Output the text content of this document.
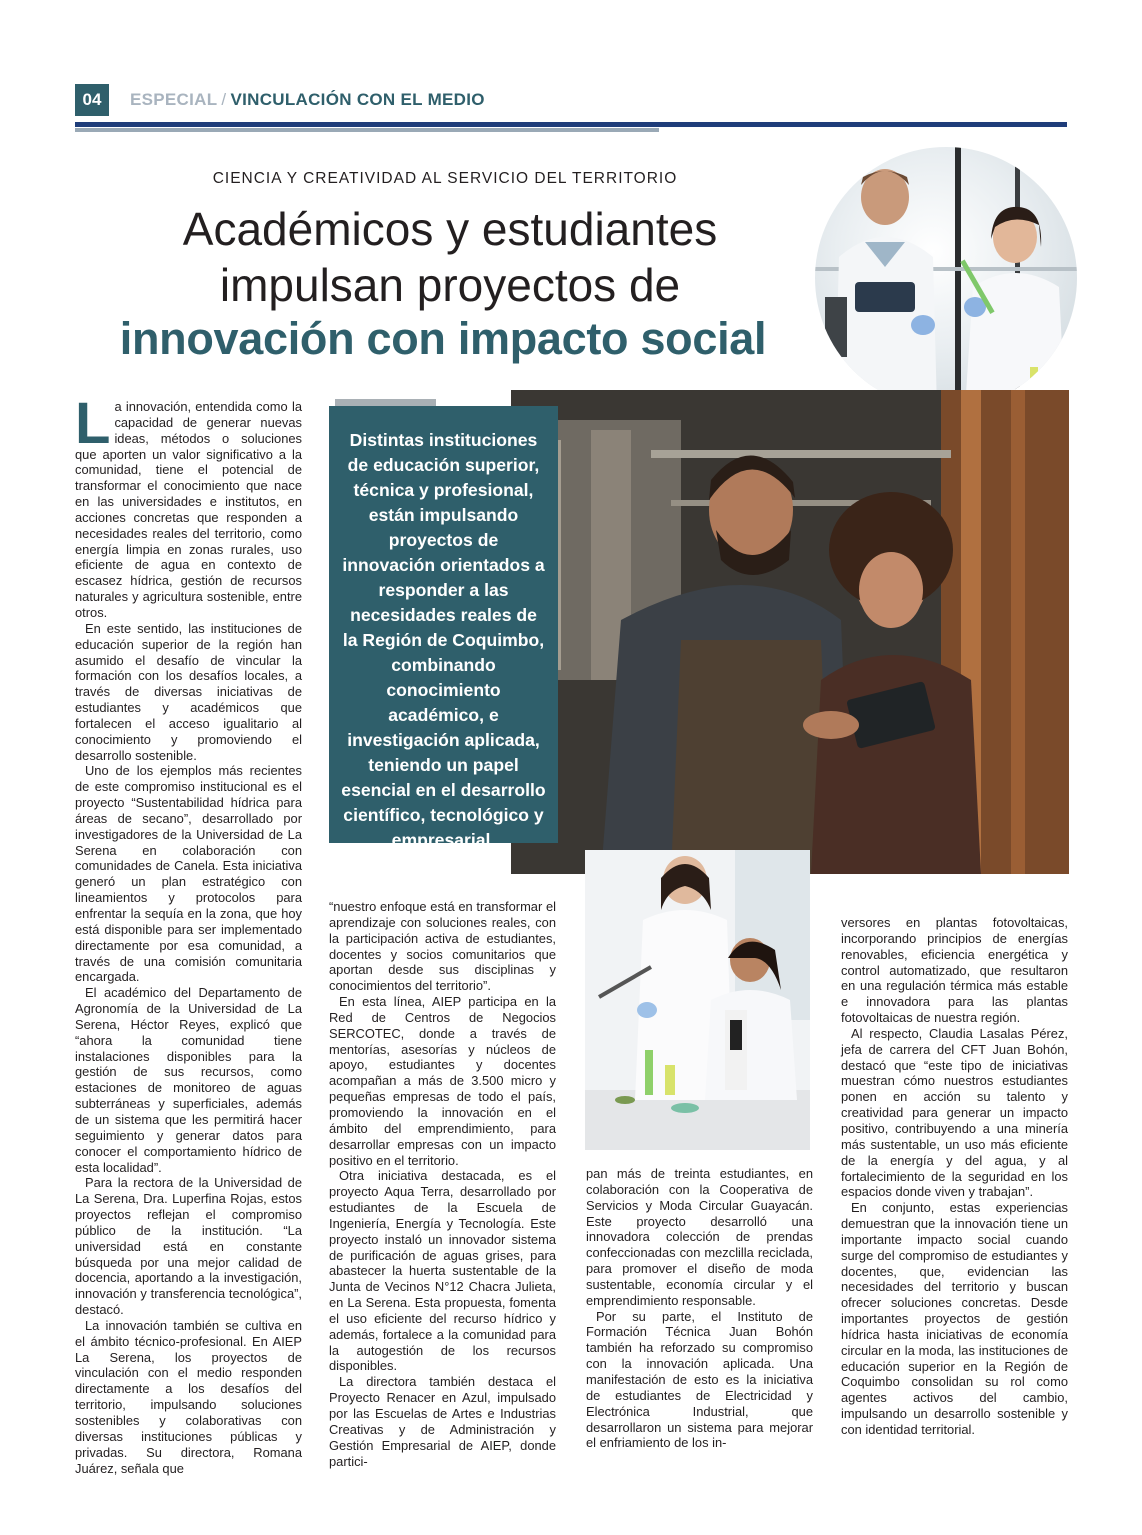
04	ESPECIAL / VINCULACIÓN CON EL MEDIO
CIENCIA Y CREATIVIDAD AL SERVICIO DEL TERRITORIO
Académicos y estudiantes
impulsan proyectos de
innovación con impacto social

Distintas instituciones de educación superior, técnica y profesional, están impulsando proyectos de innovación orientados a responder a las necesidades reales de la Región de Coquimbo, combinando conocimiento académico, e investigación aplicada, teniendo un papel esencial en el desarrollo científico, tecnológico y empresarial.

La innovación, entendida como la capacidad de generar nuevas ideas, métodos o soluciones que aporten un valor significativo a la comunidad, tiene el potencial de transformar el conocimiento que nace en las universidades e institutos, en acciones concretas que responden a necesidades reales del territorio, como energía limpia en zonas rurales, uso eficiente de agua en contexto de escasez hídrica, gestión de recursos naturales y agricultura sostenible, entre otros.

En este sentido, las instituciones de educación superior de la región han asumido el desafío de vincular la formación con los desafíos locales, a través de diversas iniciativas de estudiantes y académicos que fortalecen el acceso igualitario al conocimiento y promoviendo el desarrollo sostenible.

Uno de los ejemplos más recientes de este compromiso institucional es el proyecto “Sustentabilidad hídrica para áreas de secano”, desarrollado por investigadores de la Universidad de La Serena en colaboración con comunidades de Canela. Esta iniciativa generó un plan estratégico con lineamientos y protocolos para enfrentar la sequía en la zona, que hoy está disponible para ser implementado directamente por esa comunidad, a través de una comisión comunitaria encargada.

El académico del Departamento de Agronomía de la Universidad de La Serena, Héctor Reyes, explicó que “ahora la comunidad tiene instalaciones disponibles para la gestión de sus recursos, como estaciones de monitoreo de aguas subterráneas y superficiales, además de un sistema que les permitirá hacer seguimiento y generar datos para conocer el comportamiento hídrico de esta localidad”.

Para la rectora de la Universidad de La Serena, Dra. Luperfina Rojas, estos proyectos reflejan el compromiso público de la institución. “La universidad está en constante búsqueda por una mejor calidad de docencia, aportando a la investigación, innovación y transferencia tecnológica”, destacó.

La innovación también se cultiva en el ámbito técnico-profesional. En AIEP La Serena, los proyectos de vinculación con el medio responden directamente a los desafíos del territorio, impulsando soluciones sostenibles y colaborativas con diversas instituciones públicas y privadas. Su directora, Romana Juárez, señala que

“nuestro enfoque está en transformar el aprendizaje con soluciones reales, con la participación activa de estudiantes, docentes y socios comunitarios que aportan desde sus disciplinas y conocimientos del territorio”.

En esta línea, AIEP participa en la Red de Centros de Negocios SERCOTEC, donde a través de mentorías, asesorías y núcleos de apoyo, estudiantes y docentes acompañan a más de 3.500 micro y pequeñas empresas de todo el país, promoviendo la innovación en el ámbito del emprendimiento, para desarrollar empresas con un impacto positivo en el territorio.

Otra iniciativa destacada, es el proyecto Aqua Terra, desarrollado por estudiantes de la Escuela de Ingeniería, Energía y Tecnología. Este proyecto instaló un innovador sistema de purificación de aguas grises, para abastecer la huerta sustentable de la Junta de Vecinos N°12 Chacra Julieta, en La Serena. Esta propuesta, fomenta el uso eficiente del recurso hídrico y además, fortalece a la comunidad para la autogestión de los recursos disponibles.

La directora también destaca el Proyecto Renacer en Azul, impulsado por las Escuelas de Artes e Industrias Creativas y de Administración y Gestión Empresarial de AIEP, donde partici-

pan más de treinta estudiantes, en colaboración con la Cooperativa de Servicios y Moda Circular Guayacán. Este proyecto desarrolló una innovadora colección de prendas confeccionadas con mezclilla reciclada, para promover el diseño de moda sustentable, economía circular y el emprendimiento responsable.

Por su parte, el Instituto de Formación Técnica Juan Bohón también ha reforzado su compromiso con la innovación aplicada. Una manifestación de esto es la iniciativa de estudiantes de Electricidad y Electrónica Industrial, que desarrollaron un sistema para mejorar el enfriamiento de los in-

versores en plantas fotovoltaicas, incorporando principios de energías renovables, eficiencia energética y control automatizado, que resultaron en una regulación térmica más estable e innovadora para las plantas fotovoltaicas de nuestra región.

Al respecto, Claudia Lasalas Pérez, jefa de carrera del CFT Juan Bohón, destacó que “este tipo de iniciativas muestran cómo nuestros estudiantes ponen en acción su talento y creatividad para generar un impacto positivo, contribuyendo a una minería más sustentable, un uso más eficiente de la energía y del agua, y al fortalecimiento de la seguridad en los espacios donde viven y trabajan”.

En conjunto, estas experiencias demuestran que la innovación tiene un importante impacto social cuando surge del compromiso de estudiantes y docentes, que, evidencian las necesidades del territorio y buscan ofrecer soluciones concretas. Desde importantes proyectos de gestión hídrica hasta iniciativas de economía circular en la moda, las instituciones de educación superior en la Región de Coquimbo consolidan su rol como agentes activos del cambio, impulsando un desarrollo sostenible y con identidad territorial.
